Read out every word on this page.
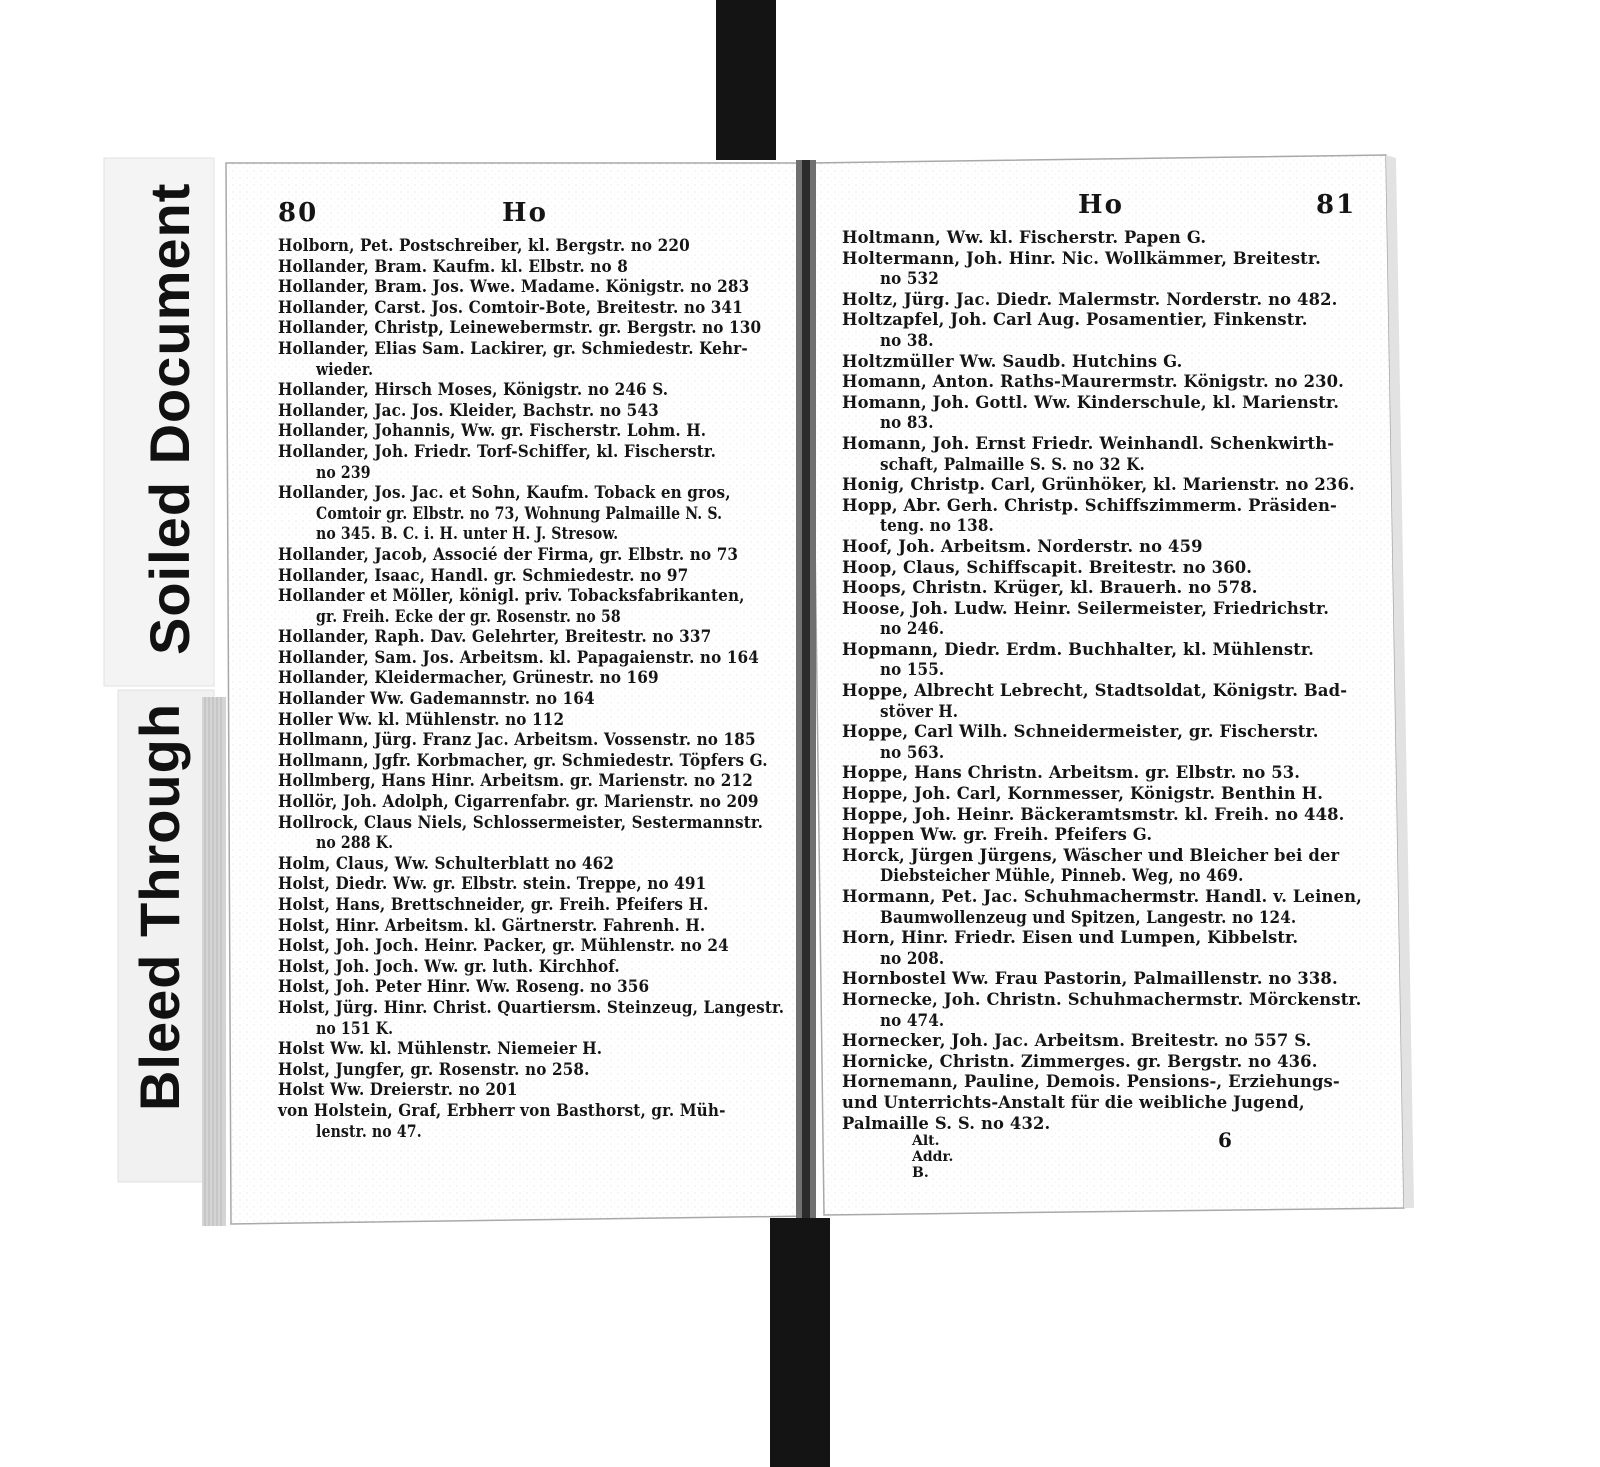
Soiled Document
Bleed Through
80	Ho
Holborn, Pet. Postschreiber, kl. Bergstr. no 220
Hollander, Bram. Kaufm. kl. Elbstr. no 8
Hollander, Bram. Jos. Wwe. Madame. Königstr. no 283
Hollander, Carst. Jos. Comtoir-Bote, Breitestr. no 341
Hollander, Christp, Leinewebermstr. gr. Bergstr. no 130
Hollander, Elias Sam. Lackirer, gr. Schmiedestr. Kehr-
wieder.
Hollander, Hirsch Moses, Königstr. no 246 S.
Hollander, Jac. Jos. Kleider, Bachstr. no 543
Hollander, Johannis, Ww. gr. Fischerstr. Lohm. H.
Hollander, Joh. Friedr. Torf-Schiffer, kl. Fischerstr.
no 239
Hollander, Jos. Jac. et Sohn, Kaufm. Toback en gros,
Comtoir gr. Elbstr. no 73, Wohnung Palmaille N. S.
no 345. B. C. i. H. unter H. J. Stresow.
Hollander, Jacob, Associé der Firma, gr. Elbstr. no 73
Hollander, Isaac, Handl. gr. Schmiedestr. no 97
Hollander et Möller, königl. priv. Tobacksfabrikanten,
gr. Freih. Ecke der gr. Rosenstr. no 58
Hollander, Raph. Dav. Gelehrter, Breitestr. no 337
Hollander, Sam. Jos. Arbeitsm. kl. Papagaienstr. no 164
Hollander, Kleidermacher, Grünestr. no 169
Hollander Ww. Gademannstr. no 164
Holler Ww. kl. Mühlenstr. no 112
Hollmann, Jürg. Franz Jac. Arbeitsm. Vossenstr. no 185
Hollmann, Jgfr. Korbmacher, gr. Schmiedestr. Töpfers G.
Hollmberg, Hans Hinr. Arbeitsm. gr. Marienstr. no 212
Hollör, Joh. Adolph, Cigarrenfabr. gr. Marienstr. no 209
Hollrock, Claus Niels, Schlossermeister, Sestermannstr.
no 288 K.
Holm, Claus, Ww. Schulterblatt no 462
Holst, Diedr. Ww. gr. Elbstr. stein. Treppe, no 491
Holst, Hans, Brettschneider, gr. Freih. Pfeifers H.
Holst, Hinr. Arbeitsm. kl. Gärtnerstr. Fahrenh. H.
Holst, Joh. Joch. Heinr. Packer, gr. Mühlenstr. no 24
Holst, Joh. Joch. Ww. gr. luth. Kirchhof.
Holst, Joh. Peter Hinr. Ww. Roseng. no 356
Holst, Jürg. Hinr. Christ. Quartiersm. Steinzeug, Langestr.
no 151 K.
Holst Ww. kl. Mühlenstr. Niemeier H.
Holst, Jungfer, gr. Rosenstr. no 258.
Holst Ww. Dreierstr. no 201
von Holstein, Graf, Erbherr von Basthorst, gr. Müh-
lenstr. no 47.
Ho	81
Holtmann, Ww. kl. Fischerstr. Papen G.
Holtermann, Joh. Hinr. Nic. Wollkämmer, Breitestr.
no 532
Holtz, Jürg. Jac. Diedr. Malermstr. Norderstr. no 482.
Holtzapfel, Joh. Carl Aug. Posamentier, Finkenstr.
no 38.
Holtzmüller Ww. Saudb. Hutchins G.
Homann, Anton. Raths-Maurermstr. Königstr. no 230.
Homann, Joh. Gottl. Ww. Kinderschule, kl. Marienstr.
no 83.
Homann, Joh. Ernst Friedr. Weinhandl. Schenkwirth-
schaft, Palmaille S. S. no 32 K.
Honig, Christp. Carl, Grünhöker, kl. Marienstr. no 236.
Hopp, Abr. Gerh. Christp. Schiffszimmerm. Präsiden-
teng. no 138.
Hoof, Joh. Arbeitsm. Norderstr. no 459
Hoop, Claus, Schiffscapit. Breitestr. no 360.
Hoops, Christn. Krüger, kl. Brauerh. no 578.
Hoose, Joh. Ludw. Heinr. Seilermeister, Friedrichstr.
no 246.
Hopmann, Diedr. Erdm. Buchhalter, kl. Mühlenstr.
no 155.
Hoppe, Albrecht Lebrecht, Stadtsoldat, Königstr. Bad-
stöver H.
Hoppe, Carl Wilh. Schneidermeister, gr. Fischerstr.
no 563.
Hoppe, Hans Christn. Arbeitsm. gr. Elbstr. no 53.
Hoppe, Joh. Carl, Kornmesser, Königstr. Benthin H.
Hoppe, Joh. Heinr. Bäckeramtsmstr. kl. Freih. no 448.
Hoppen Ww. gr. Freih. Pfeifers G.
Horck, Jürgen Jürgens, Wäscher und Bleicher bei der
Diebsteicher Mühle, Pinneb. Weg, no 469.
Hormann, Pet. Jac. Schuhmachermstr. Handl. v. Leinen,
Baumwollenzeug und Spitzen, Langestr. no 124.
Horn, Hinr. Friedr. Eisen und Lumpen, Kibbelstr.
no 208.
Hornbostel Ww. Frau Pastorin, Palmaillenstr. no 338.
Hornecke, Joh. Christn. Schuhmachermstr. Mörckenstr.
no 474.
Hornecker, Joh. Jac. Arbeitsm. Breitestr. no 557 S.
Hornicke, Christn. Zimmerges. gr. Bergstr. no 436.
Hornemann, Pauline, Demois. Pensions-, Erziehungs-
und Unterrichts-Anstalt für die weibliche Jugend,
Palmaille S. S. no 432.
Alt. Addr. B.
6
